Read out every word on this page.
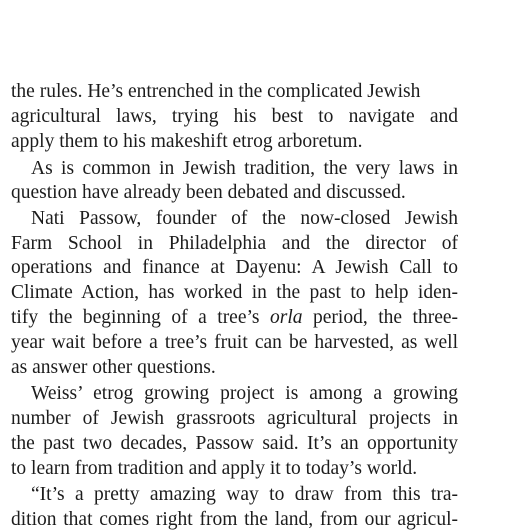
the rules. He’s entrenched in the complicated Jewish
agricultural laws, trying his best to navigate and
apply them to his makeshift etrog arboretum.
As is common in Jewish tradition, the very laws in
question have already been debated and discussed.
Nati Passow, founder of the now-closed Jewish
Farm School in Philadelphia and the director of
operations and finance at Dayenu: A Jewish Call to
Climate Action, has worked in the past to help iden-
tify the beginning of a tree’s orla period, the three-
year wait before a tree’s fruit can be harvested, as well
as answer other questions.
Weiss’ etrog growing project is among a growing
number of Jewish grassroots agricultural projects in
the past two decades, Passow said. It’s an opportunity
to learn from tradition and apply it to today’s world.
“It’s a pretty amazing way to draw from this tra-
dition that comes right from the land, from our agricul-
